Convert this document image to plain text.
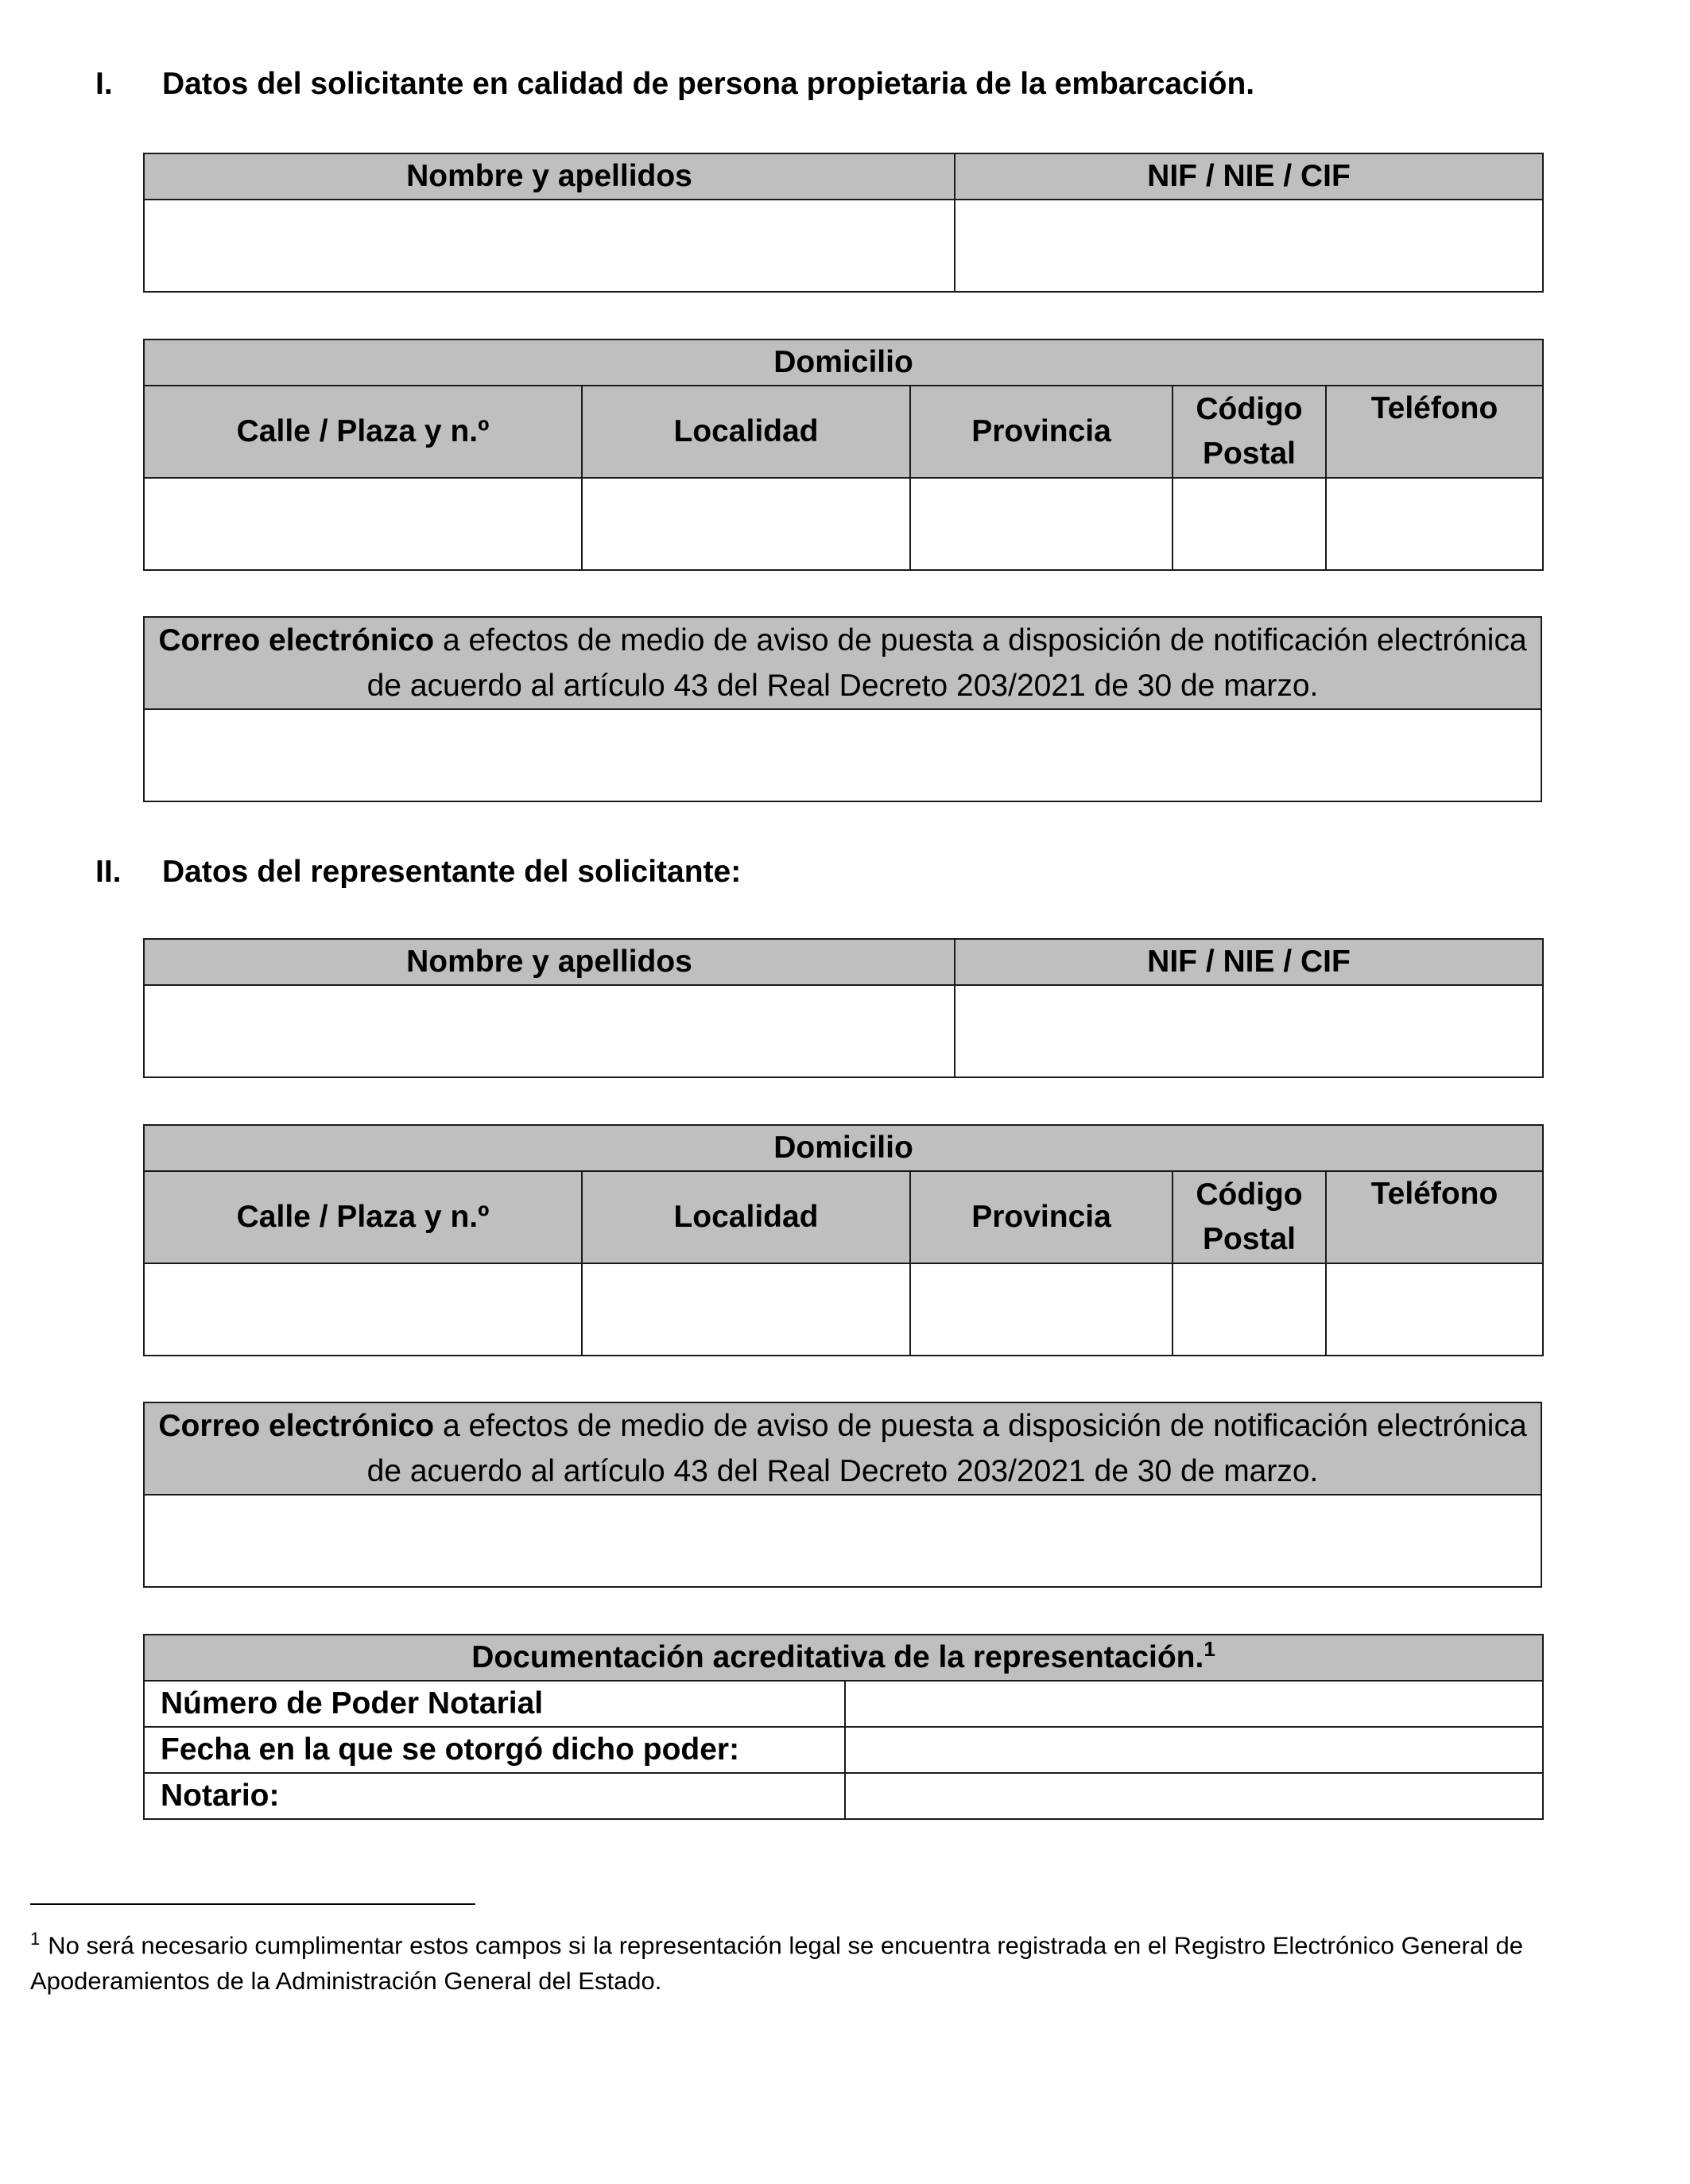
I.	Datos del solicitante en calidad de persona propietaria de la embarcación.
Nombre y apellidos	NIF / NIE / CIF

Domicilio				
Calle / Plaza y n.º	Localidad	Provincia	Código Postal	Teléfono

Correo electrónico a efectos de medio de aviso de puesta a disposición de notificación electrónica de acuerdo al artículo 43 del Real Decreto 203/2021 de 30 de marzo.

II.	Datos del representante del solicitante:
Nombre y apellidos	NIF / NIE / CIF

Domicilio				
Calle / Plaza y n.º	Localidad	Provincia	Código Postal	Teléfono

Correo electrónico a efectos de medio de aviso de puesta a disposición de notificación electrónica de acuerdo al artículo 43 del Real Decreto 203/2021 de 30 de marzo.

Documentación acreditativa de la representación.$^1$
Número de Poder Notarial	
Fecha en la que se otorgó dicho poder:	
Notario:	
$^1$ No será necesario cumplimentar estos campos si la representación legal se encuentra registrada en el Registro Electrónico General de Apoderamientos de la Administración General del Estado.
